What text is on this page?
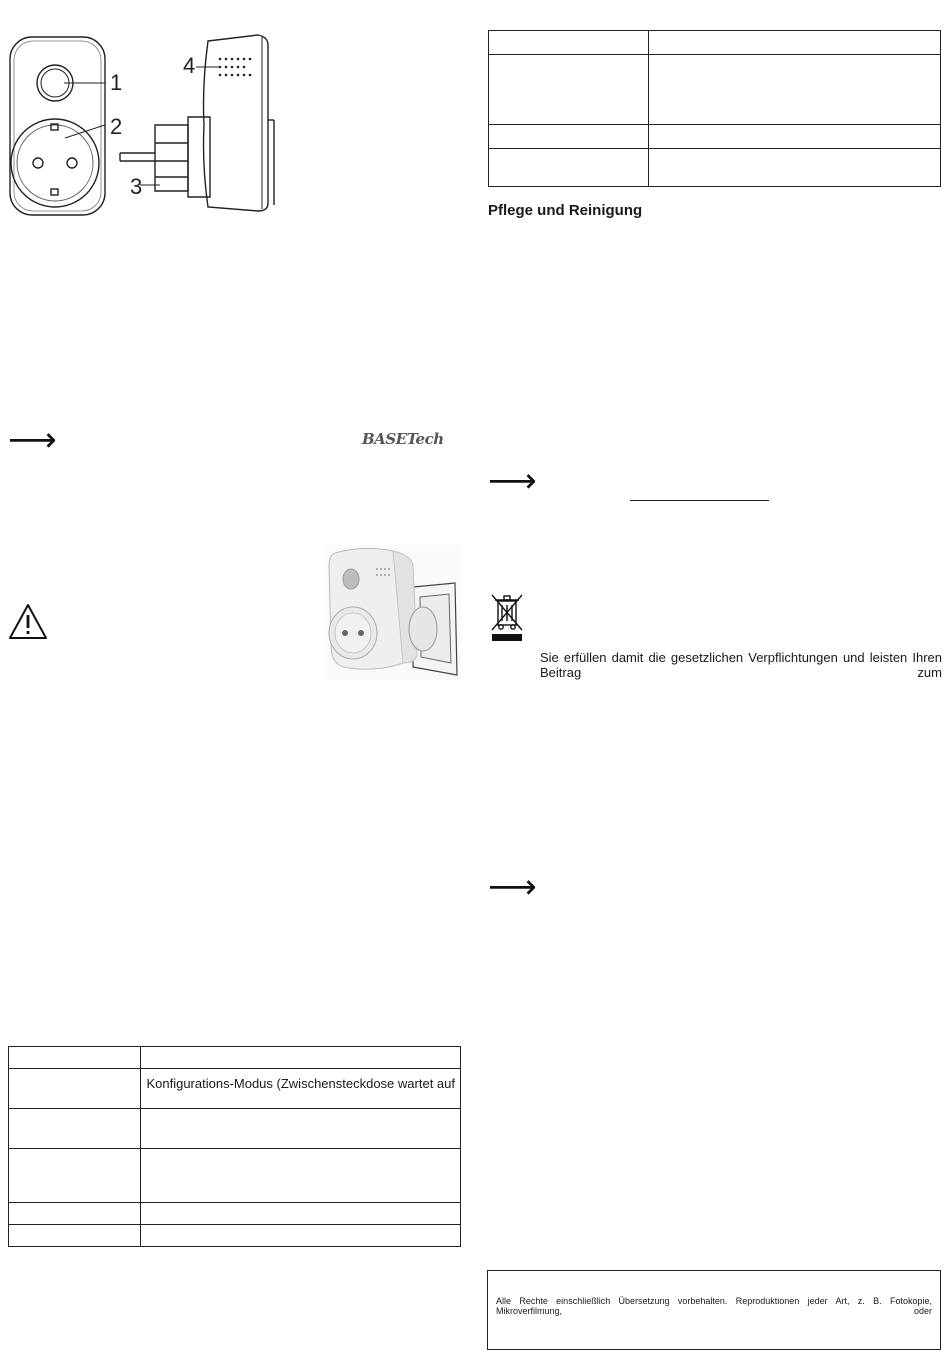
1
2
3
4
⟶	BASETech

	Konfigurations-Modus (Zwischensteckdose wartet auf

Pflege und Reinigung
⟶
Sie erfüllen damit die gesetzlichen Verpflichtungen und leisten Ihren Beitrag zum
⟶
Alle Rechte einschließlich Übersetzung vorbehalten. Reproduktionen jeder Art, z. B. Fotokopie, Mikroverfilmung, oder
